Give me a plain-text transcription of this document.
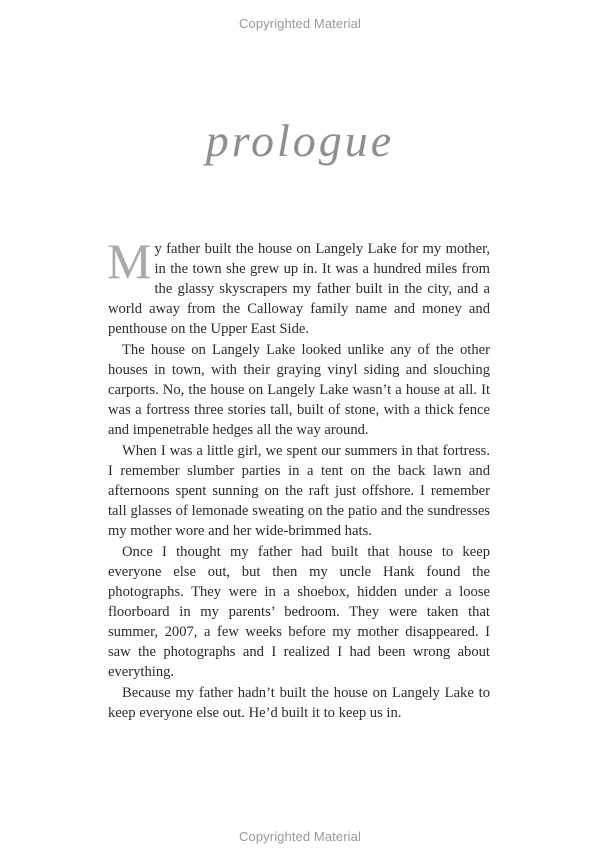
Copyrighted Material
prologue

My father built the house on Langely Lake for my mother, in the town she grew up in. It was a hundred miles from the glassy skyscrapers my father built in the city, and a world away from the Calloway family name and money and penthouse on the Upper East Side.

The house on Langely Lake looked unlike any of the other houses in town, with their graying vinyl siding and slouching carports. No, the house on Langely Lake wasn’t a house at all. It was a fortress three stories tall, built of stone, with a thick fence and impenetrable hedges all the way around.

When I was a little girl, we spent our summers in that fortress. I remember slumber parties in a tent on the back lawn and afternoons spent sunning on the raft just offshore. I remember tall glasses of lemonade sweating on the patio and the sundresses my mother wore and her wide-brimmed hats.

Once I thought my father had built that house to keep everyone else out, but then my uncle Hank found the photographs. They were in a shoebox, hidden under a loose floorboard in my parents’ bedroom. They were taken that summer, 2007, a few weeks before my mother disappeared. I saw the photographs and I realized I had been wrong about everything.

Because my father hadn’t built the house on Langely Lake to keep everyone else out. He’d built it to keep us in.

Copyrighted Material
